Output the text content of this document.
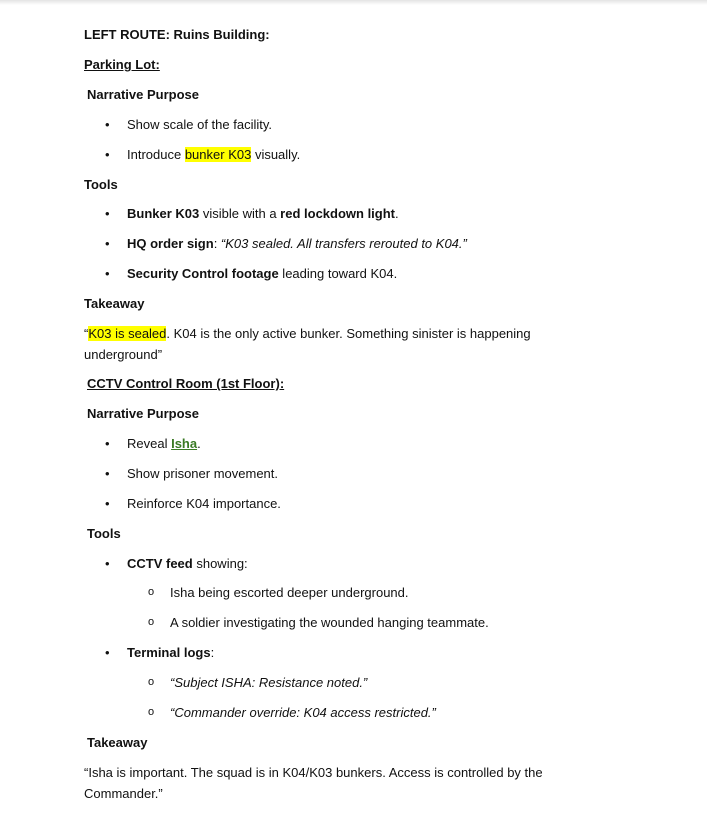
LEFT ROUTE: Ruins Building:

Parking Lot:

Narrative Purpose

• Show scale of the facility.
• Introduce bunker K03 visually.

Tools

• Bunker K03 visible with a red lockdown light.
• HQ order sign: “K03 sealed. All transfers rerouted to K04.”
• Security Control footage leading toward K04.

Takeaway

“K03 is sealed. K04 is the only active bunker. Something sinister is happening underground”

CCTV Control Room (1st Floor):

Narrative Purpose

• Reveal Isha.
• Show prisoner movement.
• Reinforce K04 importance.

Tools

• CCTV feed showing:
o Isha being escorted deeper underground.
o A soldier investigating the wounded hanging teammate.
• Terminal logs:
o “Subject ISHA: Resistance noted.”
o “Commander override: K04 access restricted.”

Takeaway

“Isha is important. The squad is in K04/K03 bunkers. Access is controlled by the Commander.”
